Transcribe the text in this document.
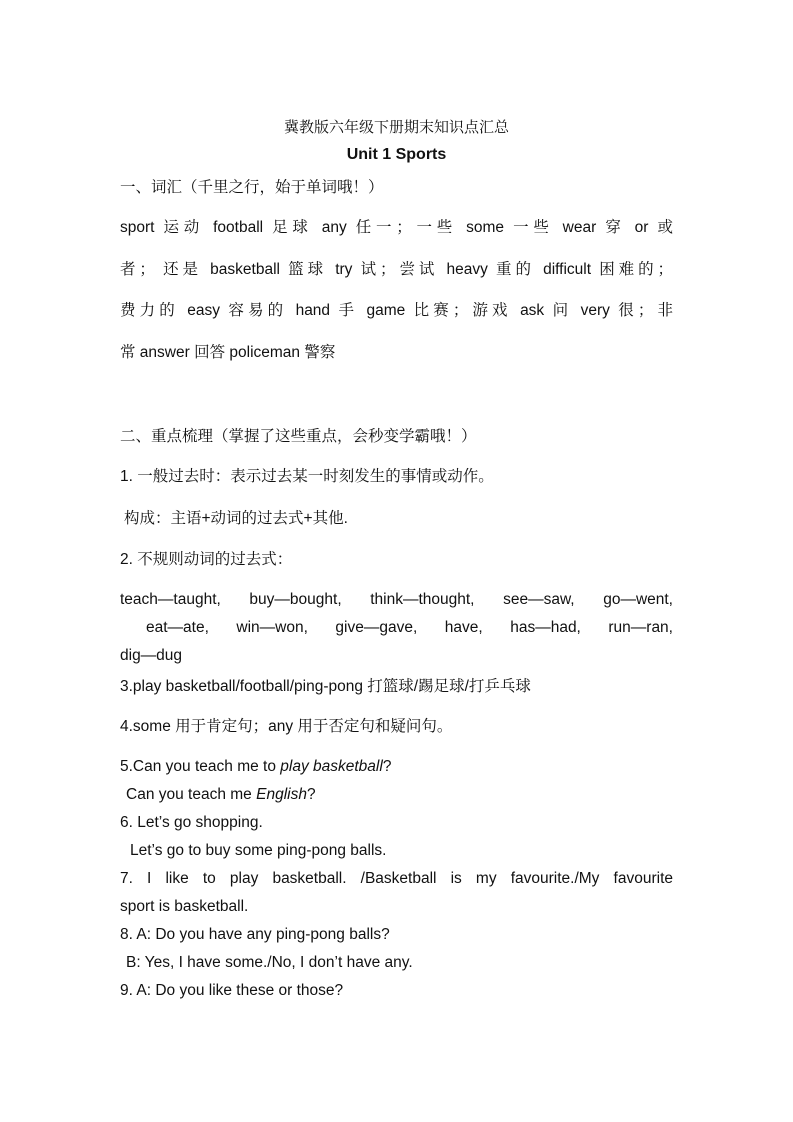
冀教版六年级下册期末知识点汇总
Unit 1 Sports
一、词汇（千里之行，始于单词哦！）
sport 运动 football 足球 any 任一；一些 some 一些 wear 穿 or 或
者； 还是 basketball 篮球 try 试；尝试 heavy 重的 difficult 困难的；
费力的 easy 容易的 hand 手 game 比赛；游戏 ask 问 very 很；非
常 answer 回答 policeman 警察
二、重点梳理（掌握了这些重点，会秒变学霸哦！）
1. 一般过去时：表示过去某一时刻发生的事情或动作。
构成：主语+动词的过去式+其他.
2. 不规则动词的过去式：
teach—taught, buy—bought, think—thought, see—saw, go—went,
eat—ate, win—won, give—gave, have, has—had, run—ran,
dig—dug
3.play basketball/football/ping-pong 打篮球/踢足球/打乒乓球
4.some 用于肯定句；any 用于否定句和疑问句。
5.Can you teach me to play basketball?
Can you teach me English?
6. Let’s go shopping.
Let’s go to buy some ping-pong balls.
7. I like to play basketball. /Basketball is my favourite./My favourite
sport is basketball.
8. A: Do you have any ping-pong balls?
B: Yes, I have some./No, I don’t have any.
9. A: Do you like these or those?
